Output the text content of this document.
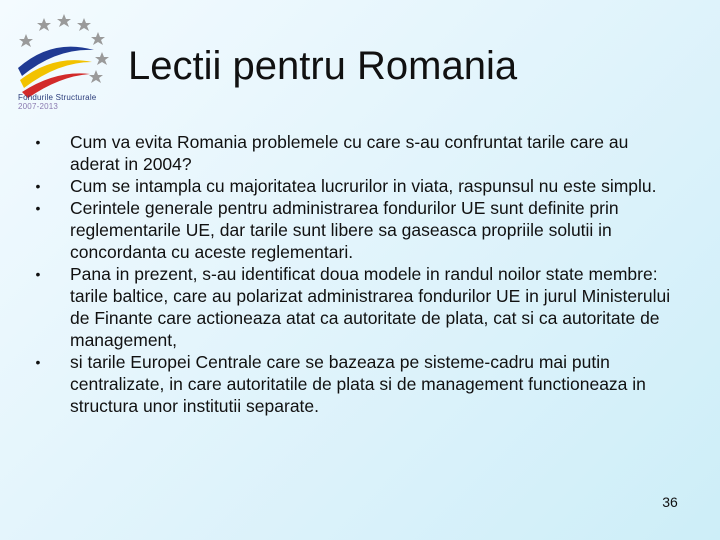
Fondurile Structurale
2007-2013
Lectii pentru Romania
• Cum va evita Romania problemele cu care s-au confruntat tarile care au aderat in 2004?
• Cum se intampla cu majoritatea lucrurilor in viata, raspunsul nu este simplu.
• Cerintele generale pentru administrarea fondurilor UE sunt definite prin reglementarile UE, dar tarile sunt libere sa gaseasca propriile solutii in concordanta cu aceste reglementari.
• Pana in prezent, s-au identificat doua modele in randul noilor state membre: tarile baltice, care au polarizat administrarea fondurilor UE in jurul Ministerului de Finante care actioneaza atat ca autoritate de plata, cat si ca autoritate de management,
• si tarile Europei Centrale care se bazeaza pe sisteme-cadru mai putin centralizate, in care autoritatile de plata si de management functioneaza in structura unor institutii separate.
36
